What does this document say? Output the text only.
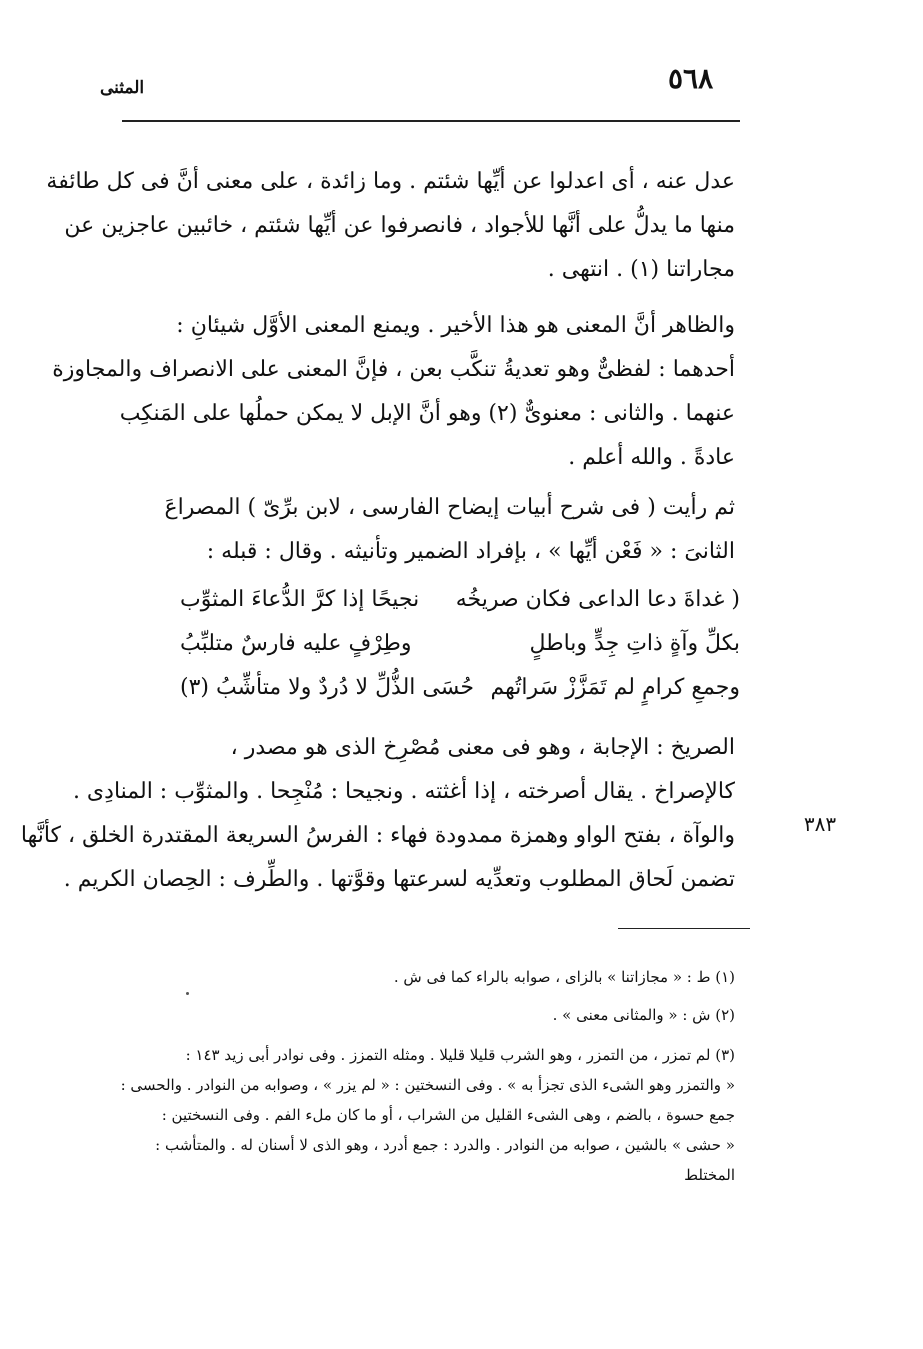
٥٦٨
المثنى
عدل عنه ، أى اعدلوا عن أيِّها شئتم . وما زائدة ، على معنى أنَّ فى كل طائفة
منها ما يدلُّ على أنَّها للأجواد ، فانصرفوا عن أيِّها شئتم ، خائبين عاجزين عن
مجاراتنا (١) . انتهى .
والظاهر أنَّ المعنى هو هذا الأخير . ويمنع المعنى الأوَّل شيئانِ :
أحدهما : لفظىٌّ وهو تعديةُ تنكَّب بعن ، فإنَّ المعنى على الانصراف والمجاوزة
عنهما . والثانى : معنوىٌّ (٢) وهو أنَّ الإبل لا يمكن حملُها على المَنكِب
عادةً . والله أعلم .
ثم رأيت ( فى شرح أبيات إيضاح الفارسى ، لابن برِّىّ ) المصراعَ
الثانىَ : « فَعْن أيِّها » ، بإفراد الضمير وتأنيثه . وقال : قبله :
( غداةَ دعا الداعى فكان صريخُه
نجيحًا إذا كرَّ الدُّعاءَ المثوِّب
بكلِّ وآةٍ ذاتِ جِدٍّ وباطلٍ
وطِرْفٍ عليه فارسٌ متلبِّبُ
وجمعِ كرامٍ لم تَمَزَّزْ سَراتُهم
حُسَى الذُّلِّ لا دُردٌ ولا متأشِّبُ (٣)
الصريخ : الإجابة ، وهو فى معنى مُصْرِخ الذى هو مصدر ،
كالإصراخ . يقال أصرخته ، إذا أغثته . ونجيحا : مُنْجِحا . والمثوِّب : المنادِى .
والوآة ، بفتح الواو وهمزة ممدودة فهاء : الفرسُ السريعة المقتدرة الخلق ، كأنَّها
تضمن لَحاق المطلوب وتعدِّيه لسرعتها وقوَّتها . والطِّرف : الحِصان الكريم .
٣٨٣
(١) ط : « مجازاتنا » بالزاى ، صوابه بالراء كما فى ش .
(٢) ش : « والمثانى معنى » .
(٣) لم تمزر ، من التمزر ، وهو الشرب قليلا قليلا . ومثله التمزز . وفى نوادر أبى زيد ١٤٣ :
« والتمزر وهو الشىء الذى تجزأ به » . وفى النسختين : « لم يزر » ، وصوابه من النوادر . والحسى :
جمع حسوة ، بالضم ، وهى الشىء القليل من الشراب ، أو ما كان ملء الفم . وفى النسختين :
« حشى » بالشين ، صوابه من النوادر . والدرد : جمع أدرد ، وهو الذى لا أسنان له . والمتأشب :
المختلط
